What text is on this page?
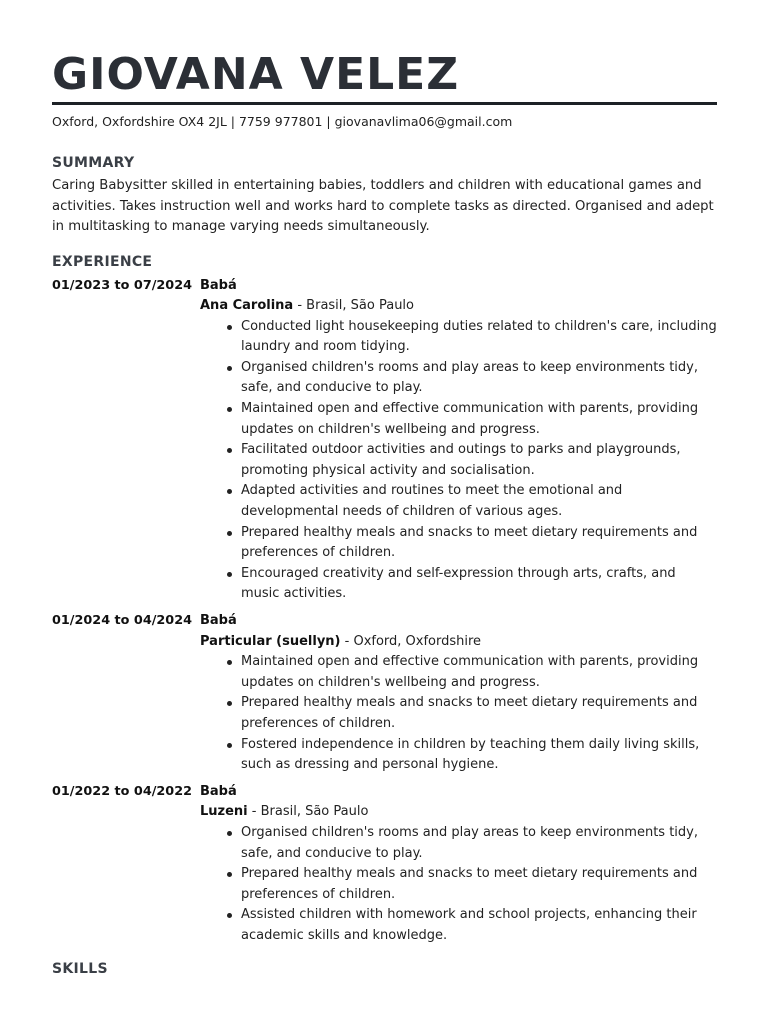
GIOVANA VELEZ
Oxford, Oxfordshire OX4 2JL | 7759 977801 | giovanavlima06@gmail.com
SUMMARY
Caring Babysitter skilled in entertaining babies, toddlers and children with educational games and activities. Takes instruction well and works hard to complete tasks as directed. Organised and adept in multitasking to manage varying needs simultaneously.
EXPERIENCE
01/2023 to 07/2024 Babá
Ana Carolina - Brasil, São Paulo
Conducted light housekeeping duties related to children's care, including laundry and room tidying.
Organised children's rooms and play areas to keep environments tidy, safe, and conducive to play.
Maintained open and effective communication with parents, providing updates on children's wellbeing and progress.
Facilitated outdoor activities and outings to parks and playgrounds, promoting physical activity and socialisation.
Adapted activities and routines to meet the emotional and developmental needs of children of various ages.
Prepared healthy meals and snacks to meet dietary requirements and preferences of children.
Encouraged creativity and self-expression through arts, crafts, and music activities.
01/2024 to 04/2024 Babá
Particular (suellyn) - Oxford, Oxfordshire
Maintained open and effective communication with parents, providing updates on children's wellbeing and progress.
Prepared healthy meals and snacks to meet dietary requirements and preferences of children.
Fostered independence in children by teaching them daily living skills, such as dressing and personal hygiene.
01/2022 to 04/2022 Babá
Luzeni - Brasil, São Paulo
Organised children's rooms and play areas to keep environments tidy, safe, and conducive to play.
Prepared healthy meals and snacks to meet dietary requirements and preferences of children.
Assisted children with homework and school projects, enhancing their academic skills and knowledge.
SKILLS
